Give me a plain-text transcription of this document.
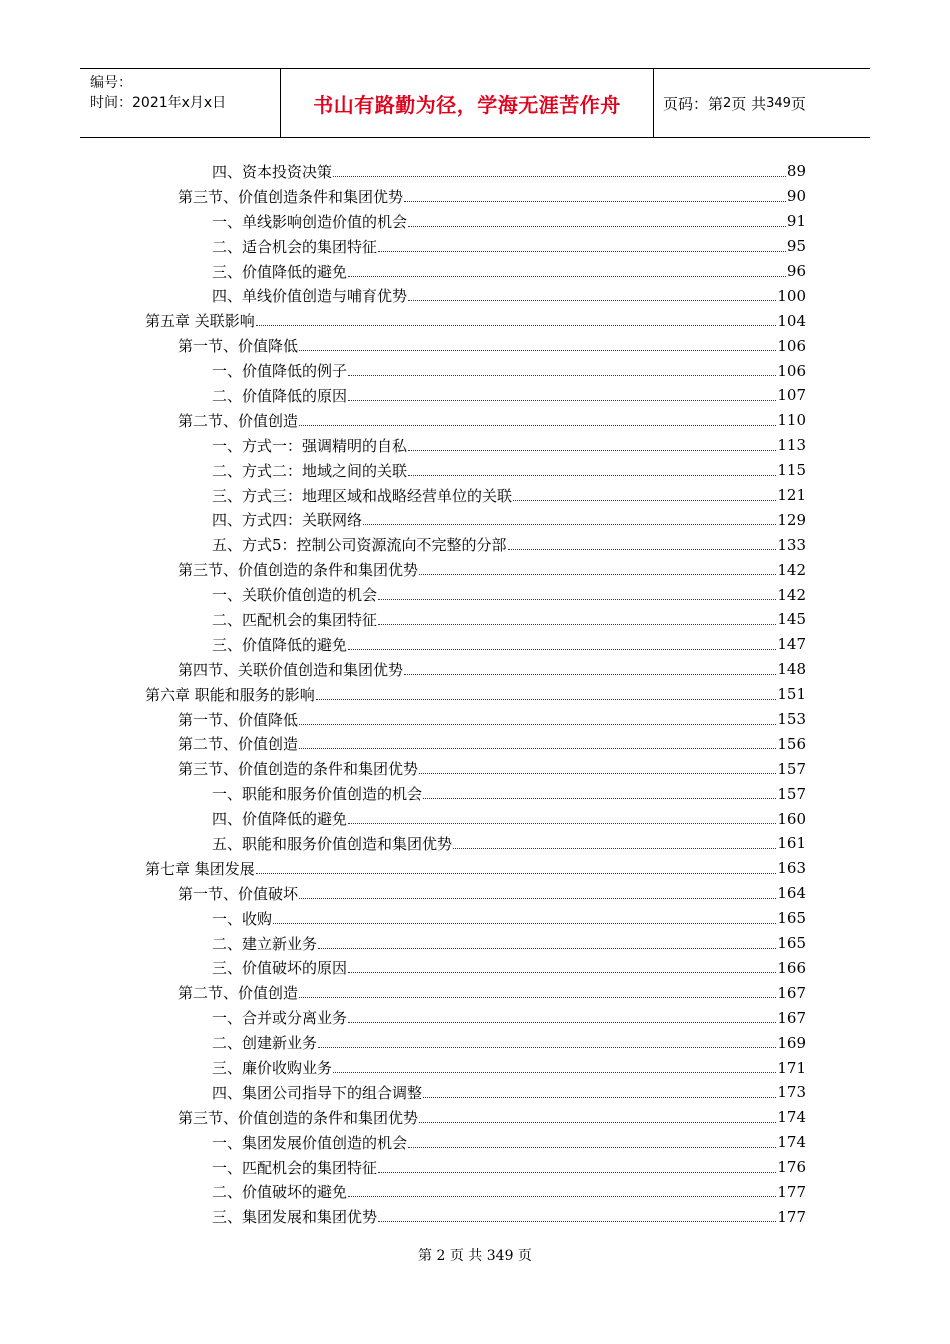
编号：
时间：2021年x月x日	书山有路勤为径，学海无涯苦作舟	页码：第 2 页 共 349 页
四、资本投资决策	89
第三节、价值创造条件和集团优势	90
一、单线影响创造价值的机会	91
二、适合机会的集团特征	95
三、价值降低的避免	96
四、单线价值创造与哺育优势	100
第五章 关联影响	104
第一节、价值降低	106
一、价值降低的例子	106
二、价值降低的原因	107
第二节、价值创造	110
一、方式一：强调精明的自私	113
二、方式二：地域之间的关联	115
三、方式三：地理区域和战略经营单位的关联	121
四、方式四：关联网络	129
五、方式5：控制公司资源流向不完整的分部	133
第三节、价值创造的条件和集团优势	142
一、关联价值创造的机会	142
二、匹配机会的集团特征	145
三、价值降低的避免	147
第四节、关联价值创造和集团优势	148
第六章 职能和服务的影响	151
第一节、价值降低	153
第二节、价值创造	156
第三节、价值创造的条件和集团优势	157
一、职能和服务价值创造的机会	157
四、价值降低的避免	160
五、职能和服务价值创造和集团优势	161
第七章 集团发展	163
第一节、价值破坏	164
一、收购	165
二、建立新业务	165
三、价值破坏的原因	166
第二节、价值创造	167
一、合并或分离业务	167
二、创建新业务	169
三、廉价收购业务	171
四、集团公司指导下的组合调整	173
第三节、价值创造的条件和集团优势	174
一、集团发展价值创造的机会	174
一、匹配机会的集团特征	176
二、价值破坏的避免	177
三、集团发展和集团优势	177
第 2 页 共 349 页
